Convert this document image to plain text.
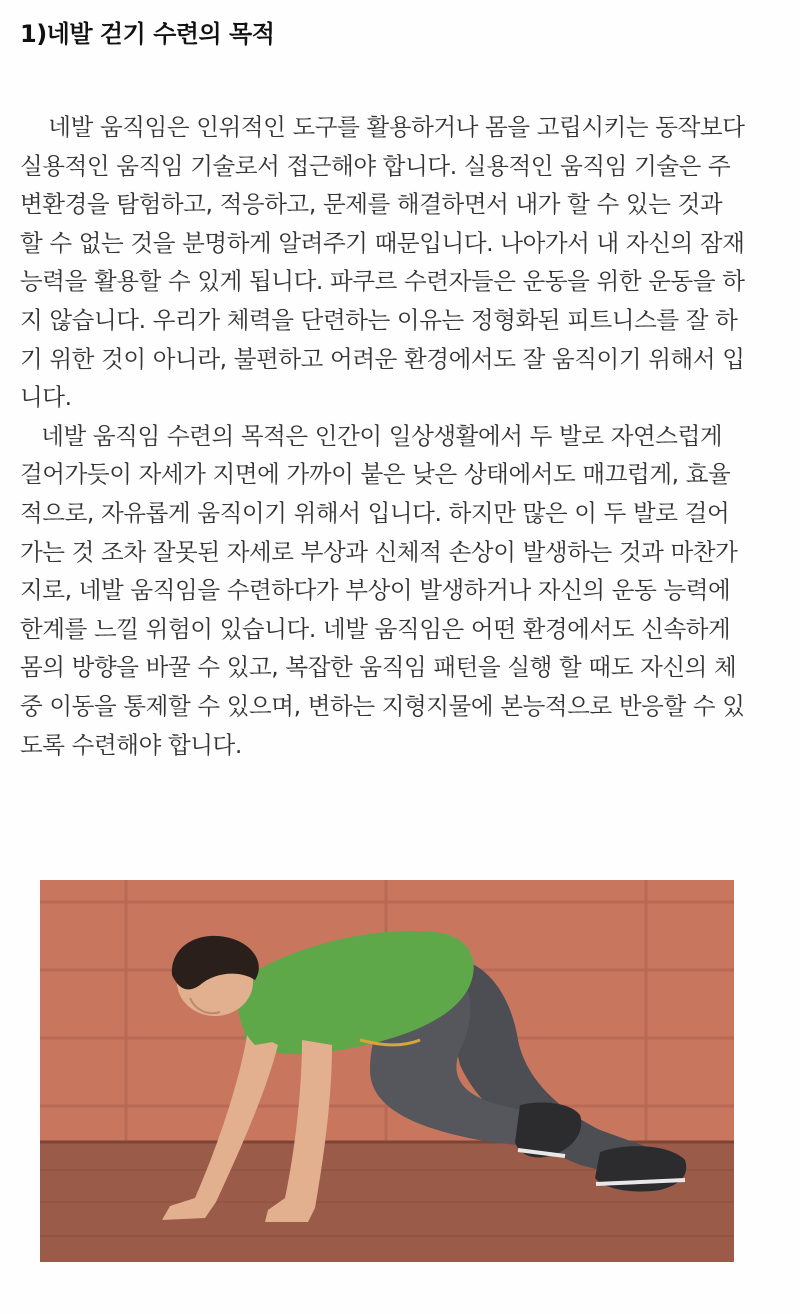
1)네발 걷기 수련의 목적
네발 움직임은 인위적인 도구를 활용하거나 몸을 고립시키는 동작보다
실용적인 움직임 기술로서 접근해야 합니다. 실용적인 움직임 기술은 주
변환경을 탐험하고, 적응하고, 문제를 해결하면서 내가 할 수 있는 것과
할 수 없는 것을 분명하게 알려주기 때문입니다. 나아가서 내 자신의 잠재
능력을 활용할 수 있게 됩니다. 파쿠르 수련자들은 운동을 위한 운동을 하
지 않습니다. 우리가 체력을 단련하는 이유는 정형화된 피트니스를 잘 하
기 위한 것이 아니라, 불편하고 어려운 환경에서도 잘 움직이기 위해서 입
니다.
네발 움직임 수련의 목적은 인간이 일상생활에서 두 발로 자연스럽게
걸어가듯이 자세가 지면에 가까이 붙은 낮은 상태에서도 매끄럽게, 효율
적으로, 자유롭게 움직이기 위해서 입니다. 하지만 많은 이 두 발로 걸어
가는 것 조차 잘못된 자세로 부상과 신체적 손상이 발생하는 것과 마찬가
지로, 네발 움직임을 수련하다가 부상이 발생하거나 자신의 운동 능력에
한계를 느낄 위험이 있습니다. 네발 움직임은 어떤 환경에서도 신속하게
몸의 방향을 바꿀 수 있고, 복잡한 움직임 패턴을 실행 할 때도 자신의 체
중 이동을 통제할 수 있으며, 변하는 지형지물에 본능적으로 반응할 수 있
도록 수련해야 합니다.
